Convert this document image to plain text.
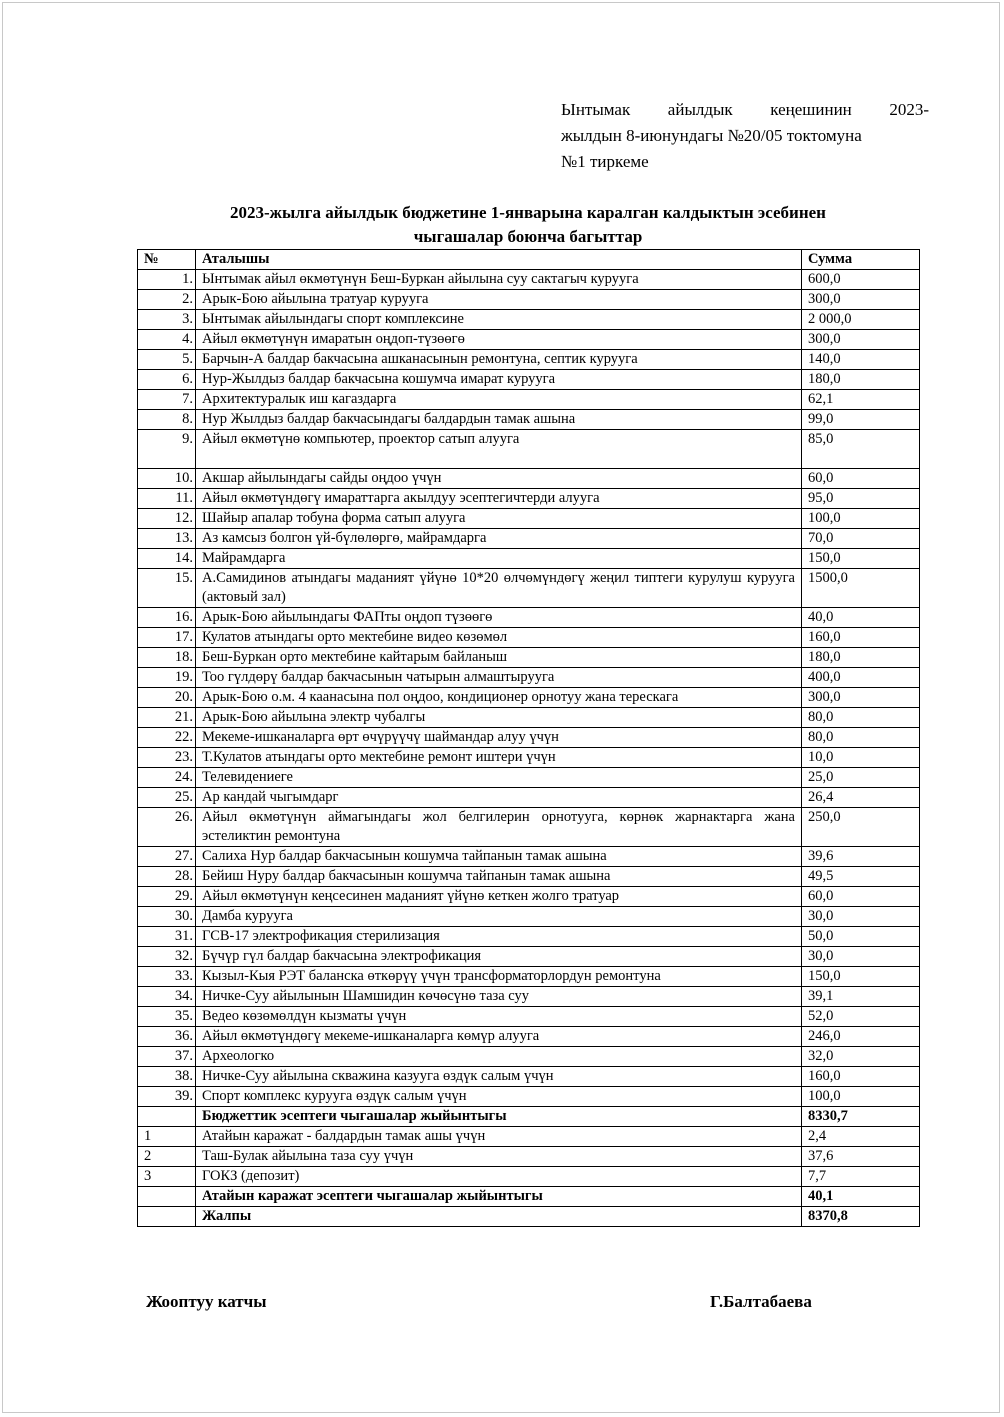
Ынтымак айылдык кеңешинин 2023-
жылдын 8-июнундагы №20/05 токтомуна
№1 тиркеме
2023-жылга айылдык бюджетине 1-январына каралган калдыктын эсебинен
чыгашалар боюнча багыттар
№	Аталышы	Сумма
1.	Ынтымак айыл өкмөтүнүн Беш-Буркан айылына суу сактагыч курууга	600,0
2.	Арык-Бою айылына тратуар курууга	300,0
3.	Ынтымак айылындагы спорт комплексине	2 000,0
4.	Айыл өкмөтүнүн имаратын оңдоп-түзөөгө	300,0
5.	Барчын-А балдар бакчасына ашканасынын ремонтуна, септик курууга	140,0
6.	Нур-Жылдыз балдар бакчасына кошумча имарат курууга	180,0
7.	Архитектуралык иш кагаздарга	62,1
8.	Нур Жылдыз балдар бакчасындагы балдардын тамак ашына	99,0
9.	Айыл өкмөтүнө компьютер, проектор сатып алууга	85,0
10.	Акшар айылындагы сайды оңдоо үчүн	60,0
11.	Айыл өкмөтүндөгү имараттарга акылдуу эсептегичтерди алууга	95,0
12.	Шайыр апалар тобуна форма сатып алууга	100,0
13.	Аз камсыз болгон үй-бүлөлөргө, майрамдарга	70,0
14.	Майрамдарга	150,0
15.	А.Самидинов атындагы маданият үйүнө 10*20 өлчөмүндөгү жеңил типтеги курулуш курууга (актовый зал)	1500,0
16.	Арык-Бою айылындагы ФАПты оңдоп түзөөгө	40,0
17.	Кулатов атындагы орто мектебине видео көзөмөл	160,0
18.	Беш-Буркан орто мектебине кайтарым байланыш	180,0
19.	Тоо гүлдөрү балдар бакчасынын чатырын алмаштырууга	400,0
20.	Арык-Бою о.м. 4 каанасына пол оңдоо, кондиционер орнотуу жана терескага	300,0
21.	Арык-Бою айылына электр чубалгы	80,0
22.	Мекеме-ишканаларга өрт өчүрүүчү шаймандар алуу үчүн	80,0
23.	Т.Кулатов атындагы орто мектебине ремонт иштери үчүн	10,0
24.	Телевидениеге	25,0
25.	Ар кандай чыгымдарг	26,4
26.	Айыл өкмөтүнүн аймагындагы жол белгилерин орнотууга, көрнөк жарнактарга жана эстеликтин ремонтуна	250,0
27.	Салиха Нур балдар бакчасынын кошумча тайпанын тамак ашына	39,6
28.	Бейиш Нуру балдар бакчасынын кошумча тайпанын тамак ашына	49,5
29.	Айыл өкмөтүнүн кеңсесинен маданият үйүнө кеткен жолго тратуар	60,0
30.	Дамба курууга	30,0
31.	ГСВ-17 электрофикация стерилизация	50,0
32.	Бүчүр гүл балдар бакчасына электрофикация	30,0
33.	Кызыл-Кыя РЭТ баланска өткөрүү үчүн трансформаторлордун ремонтуна	150,0
34.	Ничке-Суу айылынын Шамшидин көчөсүнө таза суу	39,1
35.	Ведео көзөмөлдүн кызматы үчүн	52,0
36.	Айыл өкмөтүндөгү мекеме-ишканаларга көмүр алууга	246,0
37.	Археологко	32,0
38.	Ничке-Суу айылына скважина казууга өздүк салым үчүн	160,0
39.	Спорт комплекс курууга өздүк салым үчүн	100,0
	Бюджеттик эсептеги чыгашалар жыйынтыгы	8330,7
1	Атайын каражат - балдардын тамак ашы үчүн	2,4
2	Таш-Булак айылына таза суу үчүн	37,6
3	ГОКЗ (депозит)	7,7
	Атайын каражат эсептеги чыгашалар жыйынтыгы	40,1
	Жалпы	8370,8
Жооптуу катчы	Г.Балтабаева
